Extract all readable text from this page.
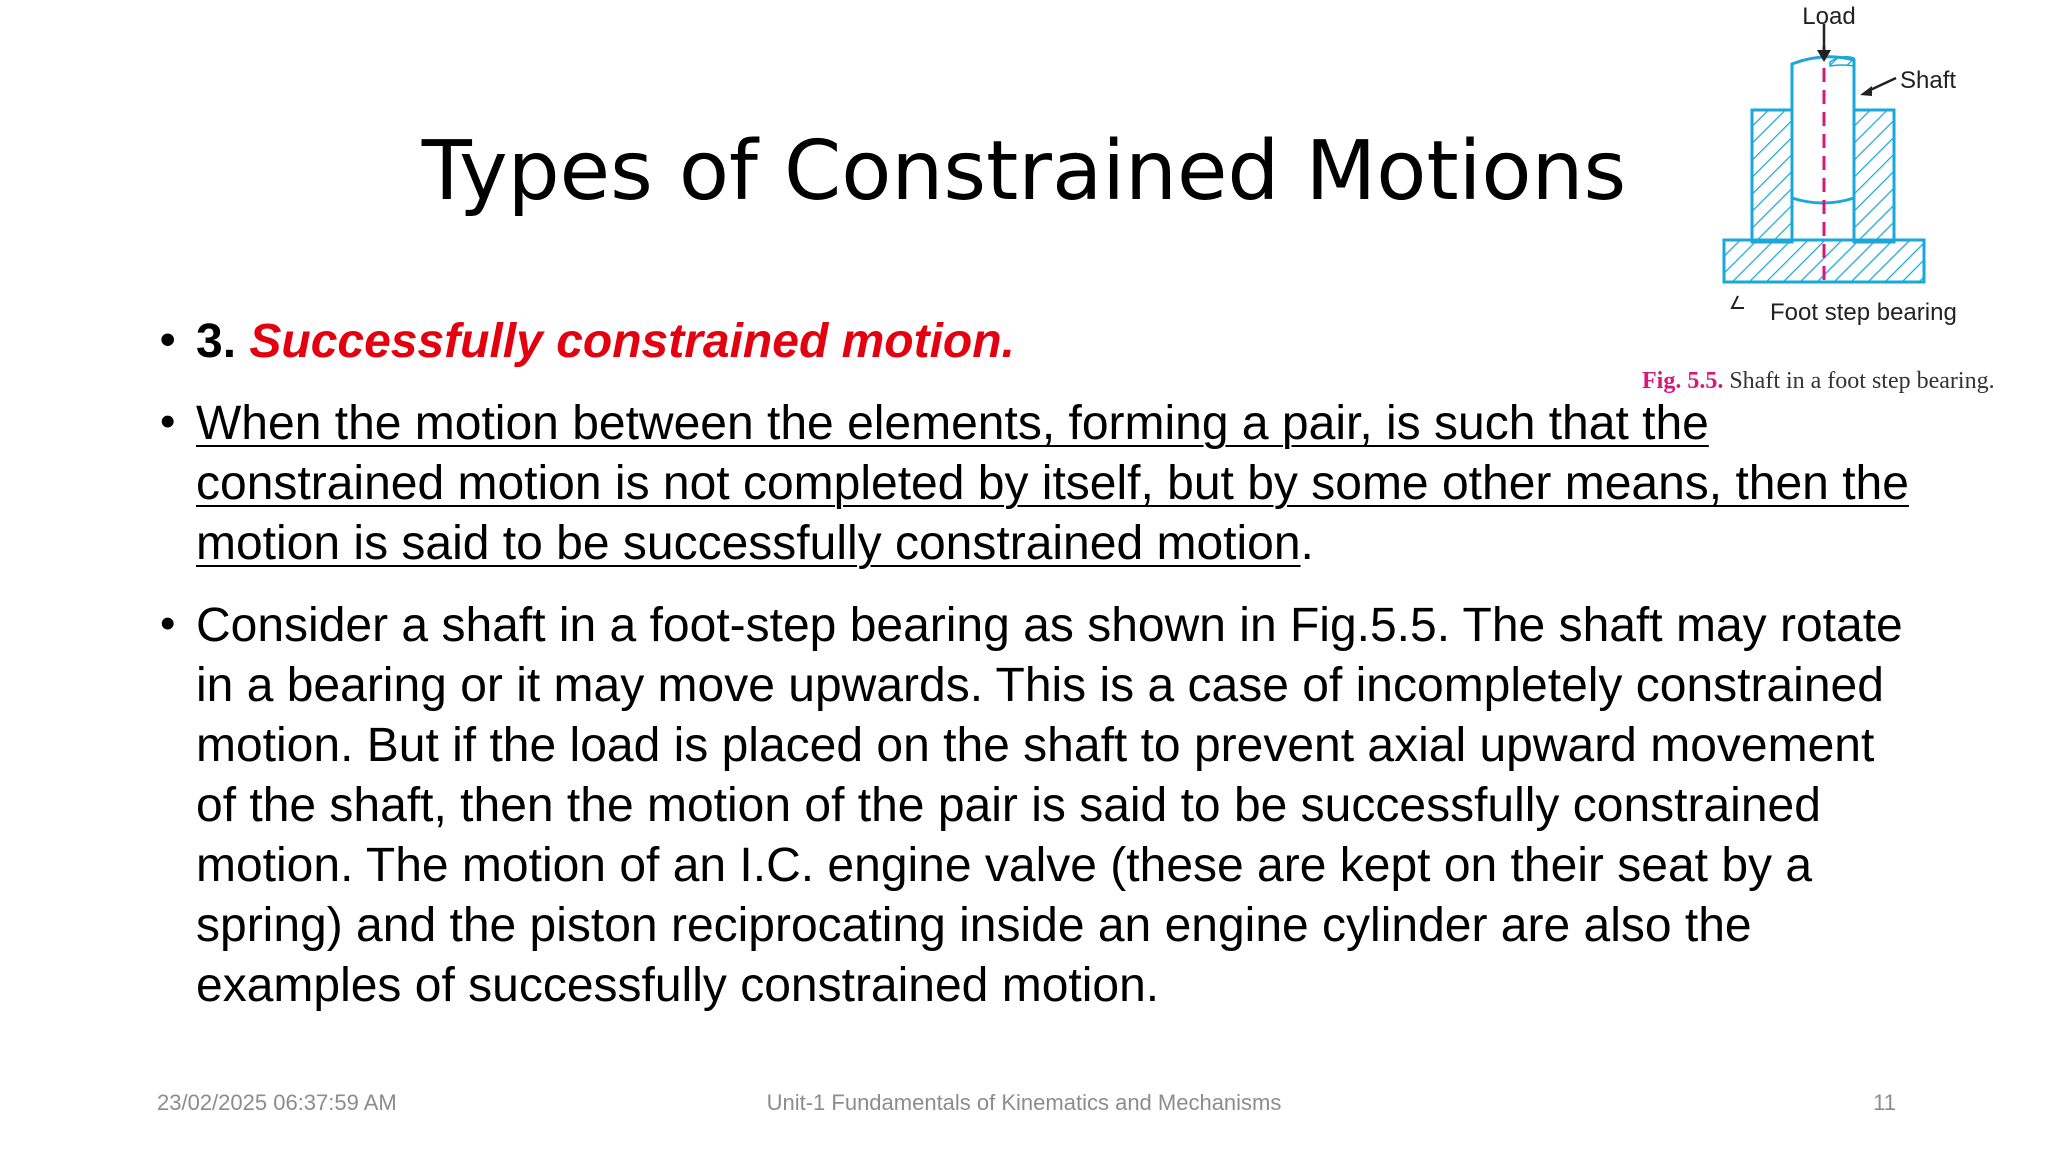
Types of Constrained Motions
• 3. Successfully constrained motion.
• When the motion between the elements, forming a pair, is such that the constrained motion is not completed by itself, but by some other means, then the motion is said to be successfully constrained motion.
• Consider a shaft in a foot-step bearing as shown in Fig.5.5. The shaft may rotate in a bearing or it may move upwards. This is a case of incompletely constrained motion. But if the load is placed on the shaft to prevent axial upward movement of the shaft, then the motion of the pair is said to be successfully constrained motion. The motion of an I.C. engine valve (these are kept on their seat by a spring) and the piston reciprocating inside an engine cylinder are also the examples of successfully constrained motion.
Load
Shaft
Foot step bearing
Fig. 5.5. Shaft in a foot step bearing.
23/02/2025 06:37:59 AM	Unit-1 Fundamentals of Kinematics and Mechanisms	11
